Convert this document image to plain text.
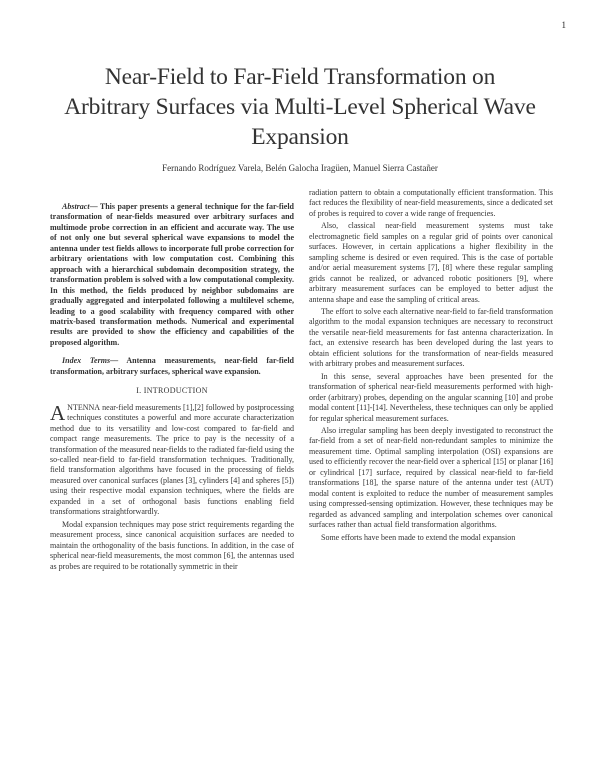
1
Near-Field to Far-Field Transformation on Arbitrary Surfaces via Multi-Level Spherical Wave Expansion
Fernando Rodríguez Varela, Belén Galocha Iragüen, Manuel Sierra Castañer

Abstract— This paper presents a general technique for the far-field transformation of near-fields measured over arbitrary surfaces and multimode probe correction in an efficient and accurate way. The use of not only one but several spherical wave expansions to model the antenna under test fields allows to incorporate full probe correction for arbitrary orientations with low computation cost. Combining this approach with a hierarchical subdomain decomposition strategy, the transformation problem is solved with a low computational complexity. In this method, the fields produced by neighbor subdomains are gradually aggregated and interpolated following a multilevel scheme, leading to a good scalability with frequency compared with other matrix-based transformation methods. Numerical and experimental results are provided to show the efficiency and capabilities of the proposed algorithm.

Index Terms— Antenna measurements, near-field far-field transformation, arbitrary surfaces, spherical wave expansion.

I. INTRODUCTION

ANTENNA near-field measurements [1],[2] followed by postprocessing techniques constitutes a powerful and more accurate characterization method due to its versatility and low-cost compared to far-field and compact range measurements. The price to pay is the necessity of a transformation of the measured near-fields to the radiated far-field using the so-called near-field to far-field transformation techniques. Traditionally, field transformation algorithms have focused in the processing of fields measured over canonical surfaces (planes [3], cylinders [4] and spheres [5]) using their respective modal expansion techniques, where the fields are expanded in a set of orthogonal basis functions enabling field transformations straightforwardly.

Modal expansion techniques may pose strict requirements regarding the measurement process, since canonical acquisition surfaces are needed to maintain the orthogonality of the basis functions. In addition, in the case of spherical near-field measurements, the most common [6], the antennas used as probes are required to be rotationally symmetric in their

radiation pattern to obtain a computationally efficient transformation. This fact reduces the flexibility of near-field measurements, since a dedicated set of probes is required to cover a wide range of frequencies.

Also, classical near-field measurement systems must take electromagnetic field samples on a regular grid of points over canonical surfaces. However, in certain applications a higher flexibility in the sampling scheme is desired or even required. This is the case of portable and/or aerial measurement systems [7], [8] where these regular sampling grids cannot be realized, or advanced robotic positioners [9], where arbitrary measurement surfaces can be employed to better adjust the antenna shape and ease the sampling of critical areas.

The effort to solve each alternative near-field to far-field transformation algorithm to the modal expansion techniques are necessary to reconstruct the versatile near-field measurements for fast antenna characterization. In fact, an extensive research has been developed during the last years to obtain efficient solutions for the transformation of near-fields measured with arbitrary probes and measurement surfaces.

In this sense, several approaches have been presented for the transformation of spherical near-field measurements performed with high-order (arbitrary) probes, depending on the angular scanning [10] and probe modal content [11]-[14]. Nevertheless, these techniques can only be applied for regular spherical measurement surfaces.

Also irregular sampling has been deeply investigated to reconstruct the far-field from a set of near-field non-redundant samples to minimize the measurement time. Optimal sampling interpolation (OSI) expansions are used to efficiently recover the near-field over a spherical [15] or planar [16] or cylindrical [17] surface, required by classical near-field to far-field transformations [18], the sparse nature of the antenna under test (AUT) modal content is exploited to reduce the number of measurement samples using compressed-sensing optimization. However, these techniques may be regarded as advanced sampling and interpolation schemes over canonical surfaces rather than actual field transformation algorithms.

Some efforts have been made to extend the modal expansion
